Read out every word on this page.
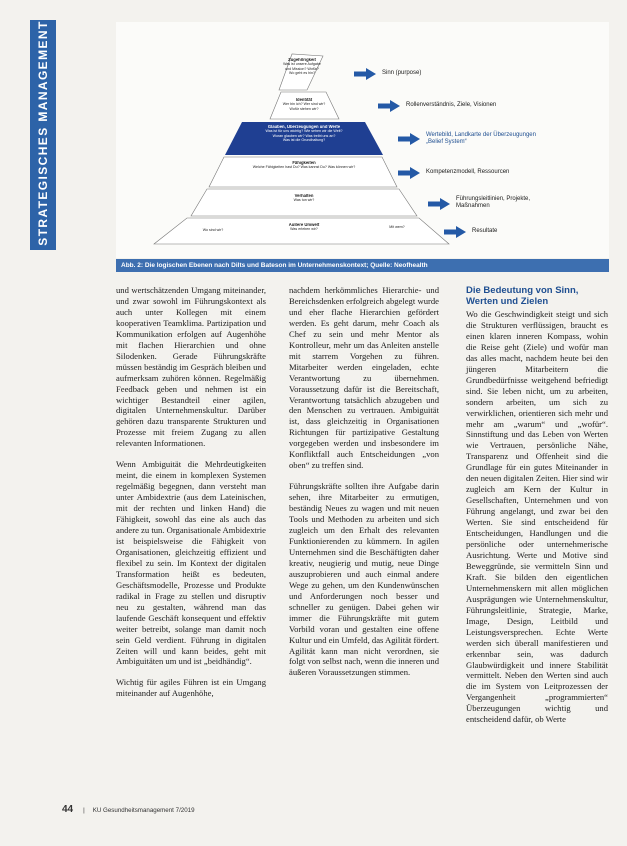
STRATEGISCHES MANAGEMENT	Zugehörigkeit
Was ist unsere Aufgabe
und Mission? Wofür?
Wo geht es hin?
Identität
Wer bin ich? Wer sind wir?
Wofür stehen wir?
Glauben, Überzeugungen und Werte
Was ist für uns wichtig? Wie sehen wir die Welt?
Woran glauben wir? Was treibt uns an?
Was ist die Grundhaltung?
Fähigkeiten
Welche Fähigkeiten hast Du? Was kannst Du? Was können wir?
Verhalten
Was tun wir?
Äußere Umwelt
Was erleben wir?
Wo sind wir?
Mit wem?
Sinn (purpose)
Rollenverständnis, Ziele, Visionen
Wertebild, Landkarte der Überzeugungen „Belief System“
Kompetenzmodell, Ressourcen
Führungsleitlinien, Projekte, Maßnahmen
Resultate
Abb. 2: Die logischen Ebenen nach Dilts und Bateson im Unternehmenskontext; Quelle: Neofhealth

und wertschätzenden Umgang miteinander, und zwar sowohl im Führungskontext als auch unter Kollegen mit einem kooperativen Teamklima. Partizipation und Kommunikation erfolgen auf Augenhöhe mit flachen Hierarchien und ohne Silodenken. Gerade Führungskräfte müssen beständig im Gespräch bleiben und aufmerksam zuhören können. Regelmäßig Feedback geben und nehmen ist ein wichtiger Bestandteil einer agilen, digitalen Unternehmenskultur. Darüber gehören dazu transparente Strukturen und Prozesse mit freiem Zugang zu allen relevanten Informationen.

Wenn Ambiguität die Mehrdeutigkeiten meint, die einem in komplexen Systemen regelmäßig begegnen, dann versteht man unter Ambidextrie (aus dem Lateinischen, mit der rechten und linken Hand) die Fähigkeit, sowohl das eine als auch das andere zu tun. Organisationale Ambidextrie ist beispielsweise die Fähigkeit von Organisationen, gleichzeitig effizient und flexibel zu sein. Im Kontext der digitalen Transformation heißt es bedeuten, Geschäftsmodelle, Prozesse und Produkte radikal in Frage zu stellen und disruptiv neu zu gestalten, während man das laufende Geschäft konsequent und effektiv weiter betreibt, solange man damit noch sein Geld verdient. Führung in digitalen Zeiten will und kann beides, geht mit Ambiguitäten um und ist „beidhändig“.

Wichtig für agiles Führen ist ein Umgang miteinander auf Augenhöhe,

nachdem herkömmliches Hierarchie- und Bereichsdenken erfolgreich abgelegt wurde und eher flache Hierarchien gefördert werden. Es geht darum, mehr Coach als Chef zu sein und mehr Mentor als Kontrolleur, mehr um das Anleiten anstelle mit starrem Vorgehen zu führen. Mitarbeiter werden eingeladen, echte Verantwortung zu übernehmen. Voraussetzung dafür ist die Bereitschaft, Verantwortung tatsächlich abzugeben und den Menschen zu vertrauen. Ambiguität ist, dass gleichzeitig in Organisationen Richtungen für partizipative Gestaltung vorgegeben werden und insbesondere im Konfliktfall auch Entscheidungen „von oben“ zu treffen sind.

Führungskräfte sollten ihre Aufgabe darin sehen, ihre Mitarbeiter zu ermutigen, beständig Neues zu wagen und mit neuen Tools und Methoden zu arbeiten und sich zugleich um den Erhalt des relevanten Funktionierenden zu kümmern. In agilen Unternehmen sind die Beschäftigten daher kreativ, neugierig und mutig, neue Dinge auszuprobieren und auch einmal andere Wege zu gehen, um den Kundenwünschen und Anforderungen noch besser und schneller zu genügen. Dabei gehen wir immer die Führungskräfte mit gutem Vorbild voran und gestalten eine offene Kultur und ein Umfeld, das Agilität fördert. Agilität kann man nicht verordnen, sie folgt von selbst nach, wenn die inneren und äußeren Voraussetzungen stimmen.

Die Bedeutung von Sinn, Werten und Zielen

Wo die Geschwindigkeit steigt und sich die Strukturen verflüssigen, braucht es einen klaren inneren Kompass, wohin die Reise geht (Ziele) und wofür man das alles macht, nachdem heute bei den jüngeren Mitarbeitern die Grundbedürfnisse weitgehend befriedigt sind. Sie leben nicht, um zu arbeiten, sondern arbeiten, um sich zu verwirklichen, orientieren sich mehr und mehr am „warum“ und „wofür“. Sinnstiftung und das Leben von Werten wie Vertrauen, persönliche Nähe, Transparenz und Offenheit sind die Grundlage für ein gutes Miteinander in den neuen digitalen Zeiten. Hier sind wir zugleich am Kern der Kultur in Gesellschaften, Unternehmen und von Führung angelangt, und zwar bei den Werten. Sie sind entscheidend für Entscheidungen, Handlungen und die persönliche oder unternehmerische Ausrichtung. Werte und Motive sind Beweggründe, sie vermitteln Sinn und Kraft. Sie bilden den eigentlichen Unternehmenskern mit allen möglichen Ausprägungen wie Unternehmenskultur, Führungsleitlinie, Strategie, Marke, Image, Design, Leitbild und Leistungsversprechen. Echte Werte werden sich überall manifestieren und erkennbar sein, was dadurch Glaubwürdigkeit und innere Stabilität vermittelt. Neben den Werten sind auch die im System von Leitprozessen der Vergangenheit „programmierten“ Überzeugungen wichtig und entscheidend dafür, ob Werte

44 | KU Gesundheitsmanagement 7/2019
